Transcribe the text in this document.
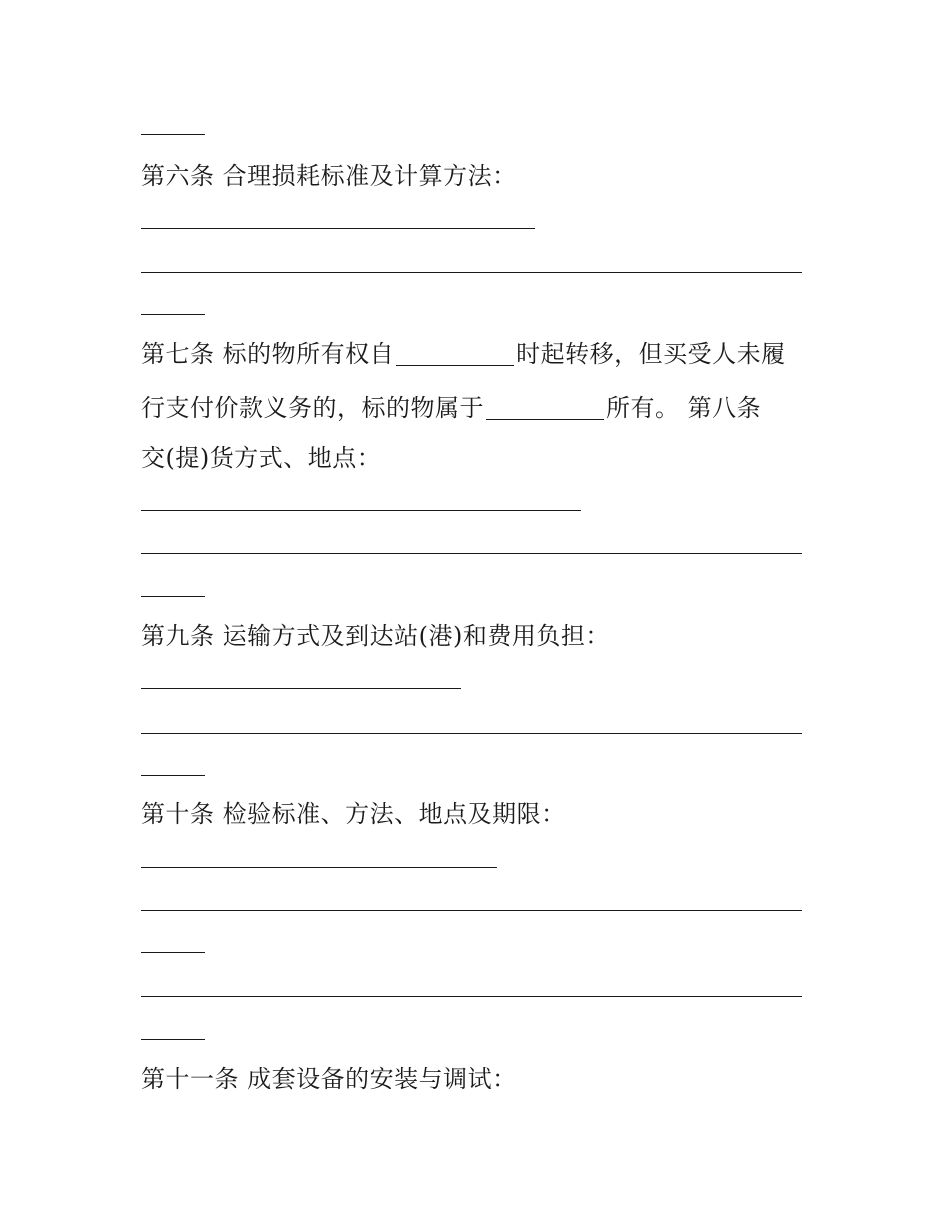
第六条 合理损耗标准及计算方法：
第七条 标的物所有权自	时起转移，但买受人未履
行支付价款义务的，标的物属于	所有。 第八条
交(提)货方式、地点：
第九条 运输方式及到达站(港)和费用负担：
第十条 检验标准、方法、地点及期限：
第十一条 成套设备的安装与调试：
